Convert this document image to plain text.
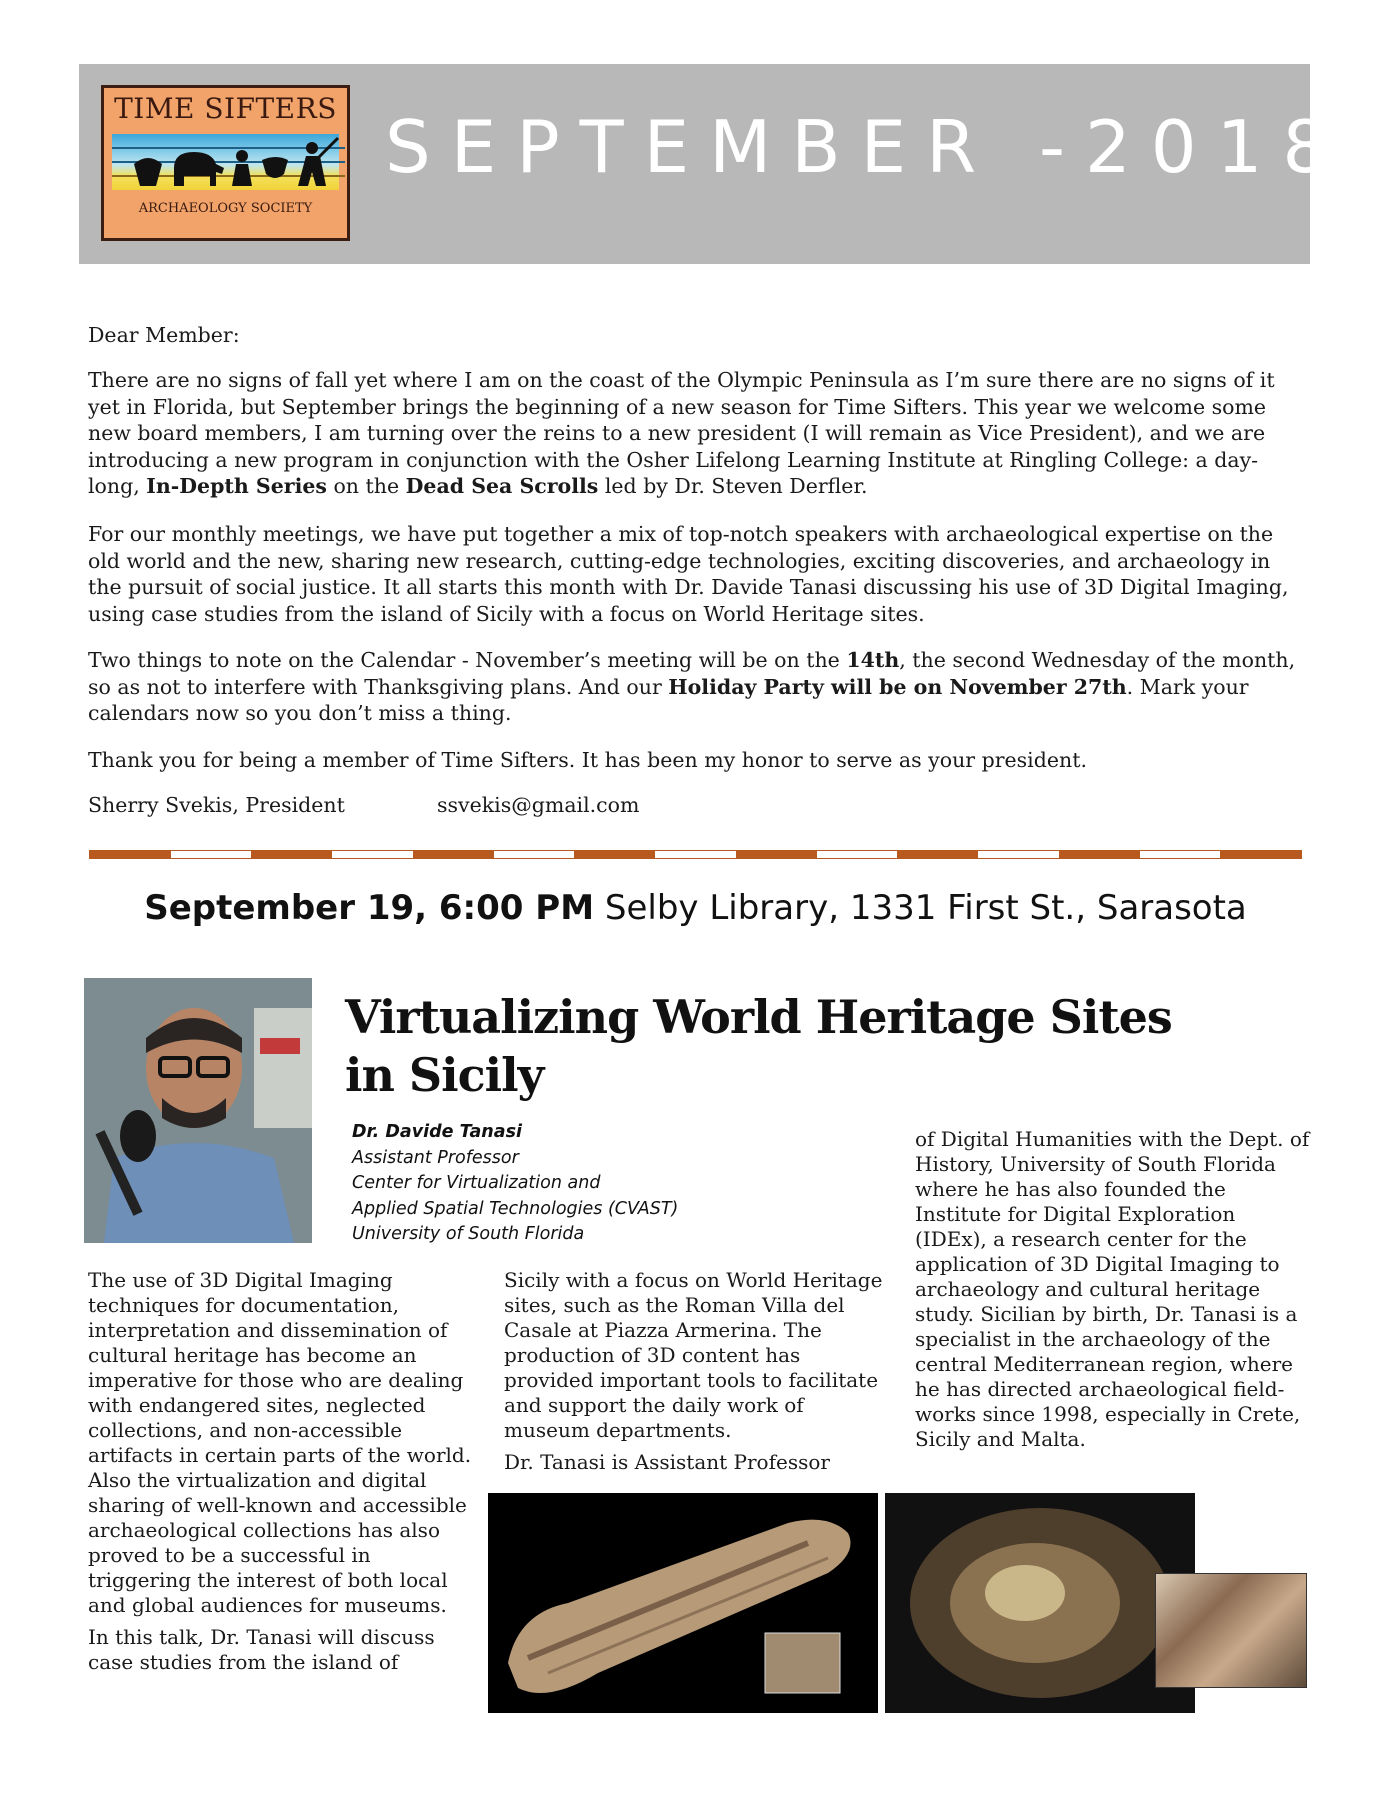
TIME SIFTERS
ARCHAEOLOGY SOCIETY
SEPTEMBER -2018
Dear Member:
There are no signs of fall yet where I am on the coast of the Olympic Peninsula as I’m sure there are no signs of it yet in Florida, but September brings the beginning of a new season for Time Sifters. This year we welcome some new board members, I am turning over the reins to a new president (I will remain as Vice President), and we are introducing a new program in conjunction with the Osher Lifelong Learning Institute at Ringling College: a day-long, In-Depth Series on the Dead Sea Scrolls led by Dr. Steven Derfler.
For our monthly meetings, we have put together a mix of top-notch speakers with archaeological expertise on the old world and the new, sharing new research, cutting-edge technologies, exciting discoveries, and archaeology in the pursuit of social justice. It all starts this month with Dr. Davide Tanasi discussing his use of 3D Digital Imaging, using case studies from the island of Sicily with a focus on World Heritage sites.
Two things to note on the Calendar - November’s meeting will be on the 14th, the second Wednesday of the month, so as not to interfere with Thanksgiving plans. And our Holiday Party will be on November 27th. Mark your calendars now so you don’t miss a thing.
Thank you for being a member of Time Sifters. It has been my honor to serve as your president.
Sherry Svekis, President	ssvekis@gmail.com
September 19, 6:00 PM Selby Library, 1331 First St., Sarasota
Virtualizing World Heritage Sites
in Sicily
Dr. Davide Tanasi
Assistant Professor
Center for Virtualization and
Applied Spatial Technologies (CVAST)
University of South Florida

The use of 3D Digital Imaging techniques for documentation, interpretation and dissemination of cultural heritage has become an imperative for those who are dealing with endangered sites, neglected collections, and non-accessible artifacts in certain parts of the world. Also the virtualization and digital sharing of well-known and accessible archaeological collections has also proved to be a successful in triggering the interest of both local and global audiences for museums.

In this talk, Dr. Tanasi will discuss case studies from the island of

Sicily with a focus on World Heritage sites, such as the Roman Villa del Casale at Piazza Armerina. The production of 3D content has provided important tools to facilitate and support the daily work of museum departments.

Dr. Tanasi is Assistant Professor

of Digital Humanities with the Dept. of History, University of South Florida where he has also founded the Institute for Digital Exploration (IDEx), a research center for the application of 3D Digital Imaging to archaeology and cultural heritage study. Sicilian by birth, Dr. Tanasi is a specialist in the archaeology of the central Mediterranean region, where he has directed archaeological field-works since 1998, especially in Crete, Sicily and Malta.
